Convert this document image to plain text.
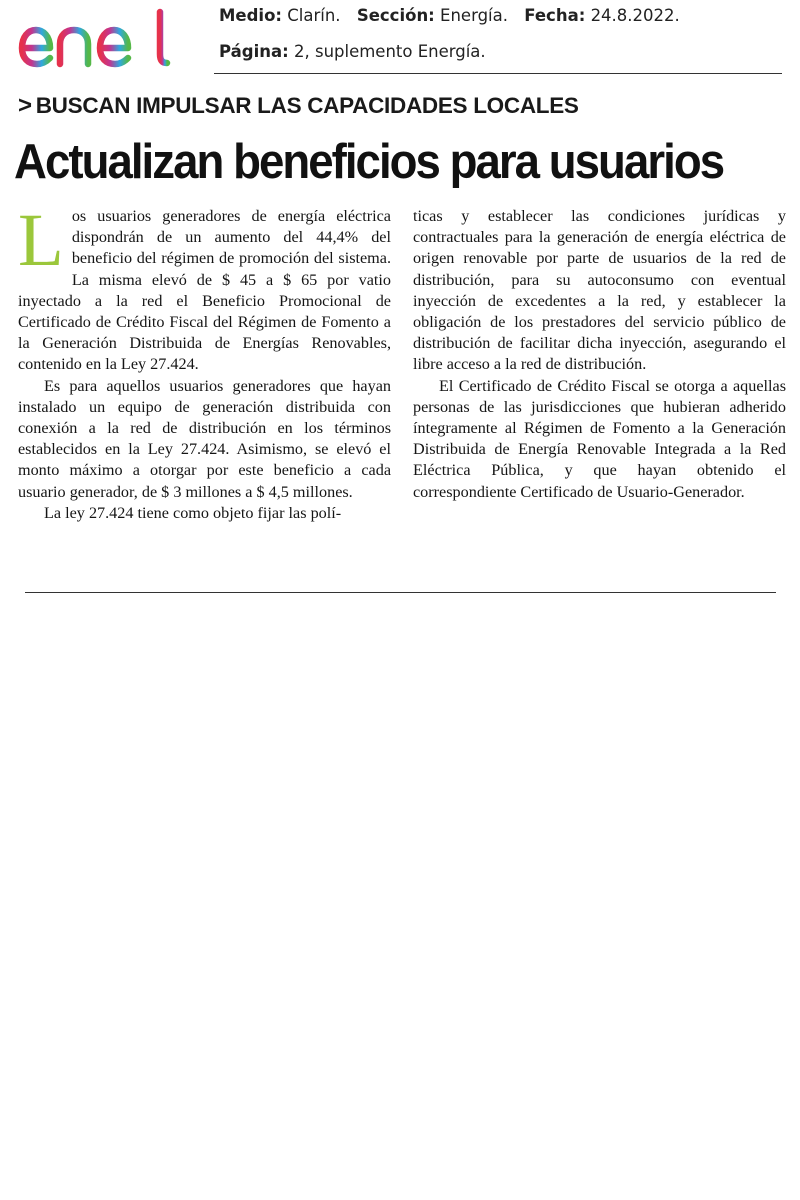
Medio: Clarín. Sección: Energía. Fecha: 24.8.2022.
Página: 2, suplemento Energía.
> BUSCAN IMPULSAR LAS CAPACIDADES LOCALES
Actualizan beneficios para usuarios

Los usuarios generadores de energía eléctrica dispondrán de un aumento del 44,4% del beneficio del régimen de promoción del sistema. La misma elevó de $ 45 a $ 65 por vatio inyectado a la red el Beneficio Promocional de Certificado de Crédito Fiscal del Régimen de Fomento a la Generación Distribuida de Energías Renovables, contenido en la Ley 27.424.

Es para aquellos usuarios generadores que hayan instalado un equipo de generación distribuida con conexión a la red de distribución en los términos establecidos en la Ley 27.424. Asimismo, se elevó el monto máximo a otorgar por este beneficio a cada usuario generador, de $ 3 millones a $ 4,5 millones.

La ley 27.424 tiene como objeto fijar las polí-

ticas y establecer las condiciones jurídicas y contractuales para la generación de energía eléctrica de origen renovable por parte de usuarios de la red de distribución, para su autoconsumo con eventual inyección de excedentes a la red, y establecer la obligación de los prestadores del servicio público de distribución de facilitar dicha inyección, asegurando el libre acceso a la red de distribución.

El Certificado de Crédito Fiscal se otorga a aquellas personas de las jurisdicciones que hubieran adherido íntegramente al Régimen de Fomento a la Generación Distribuida de Energía Renovable Integrada a la Red Eléctrica Pública, y que hayan obtenido el correspondiente Certificado de Usuario-Generador.
